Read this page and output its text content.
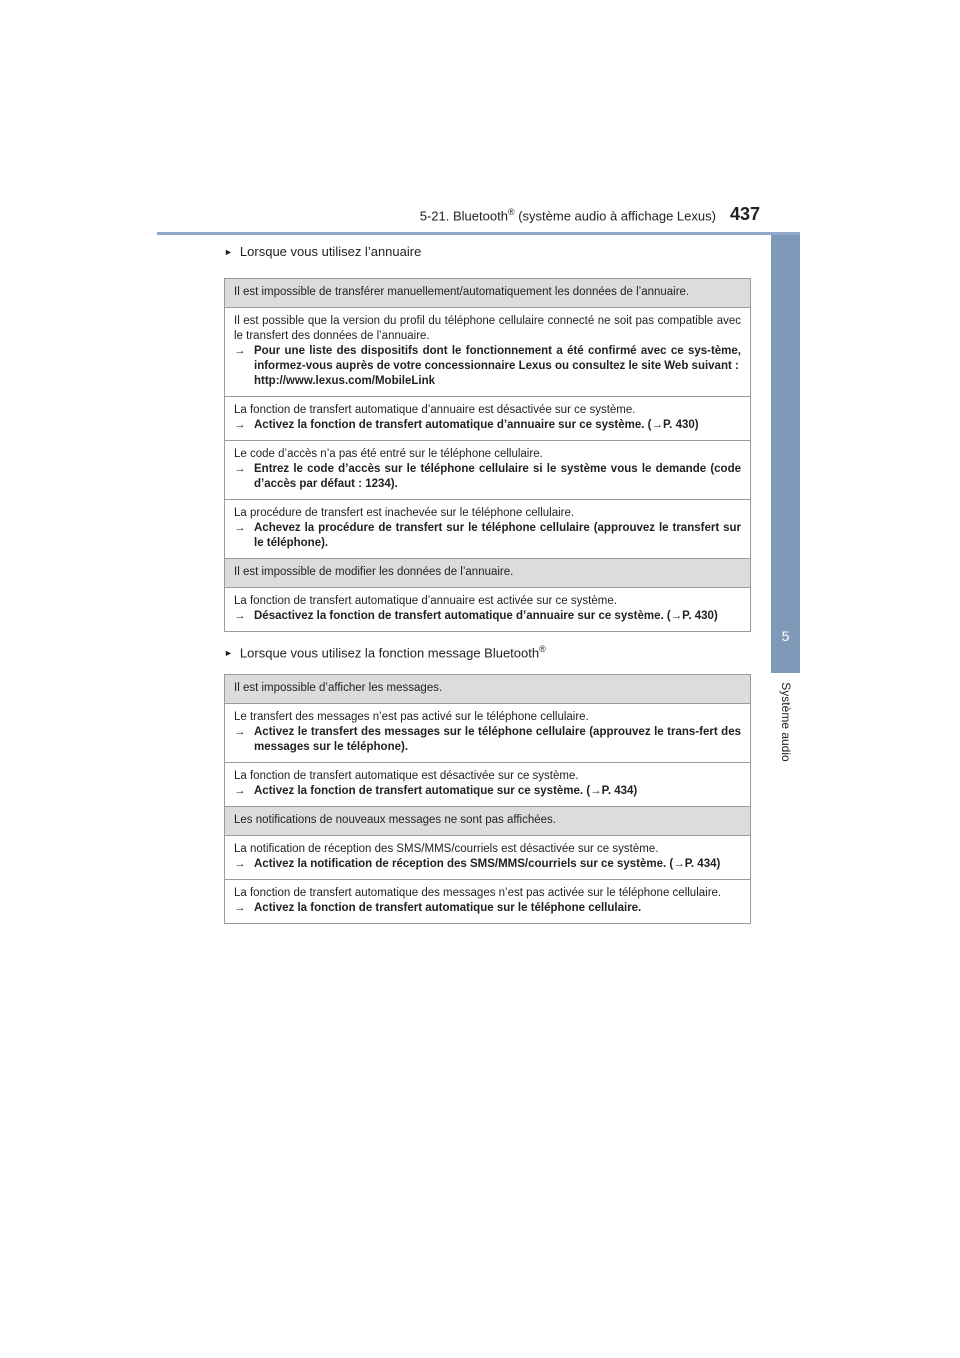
5-21. Bluetooth® (système audio à affichage Lexus) 437
5
Système audio
► Lorsque vous utilisez l’annuaire
Il est impossible de transférer manuellement/automatiquement les données de l’annuaire.

Il est possible que la version du profil du téléphone cellulaire connecté ne soit pas compatible avec le transfert des données de l’annuaire.
→ Pour une liste des dispositifs dont le fonctionnement a été confirmé avec ce sys-tème, informez-vous auprès de votre concessionnaire Lexus ou consultez le site Web suivant :
http://www.lexus.com/MobileLink

La fonction de transfert automatique d’annuaire est désactivée sur ce système.
→ Activez la fonction de transfert automatique d’annuaire sur ce système. (→P. 430)

Le code d’accès n’a pas été entré sur le téléphone cellulaire.
→ Entrez le code d’accès sur le téléphone cellulaire si le système vous le demande (code d’accès par défaut : 1234).

La procédure de transfert est inachevée sur le téléphone cellulaire.
→ Achevez la procédure de transfert sur le téléphone cellulaire (approuvez le transfert sur le téléphone).

Il est impossible de modifier les données de l’annuaire.

La fonction de transfert automatique d’annuaire est activée sur ce système.
→ Désactivez la fonction de transfert automatique d’annuaire sur ce système. (→P. 430)
► Lorsque vous utilisez la fonction message Bluetooth®
Il est impossible d’afficher les messages.

Le transfert des messages n’est pas activé sur le téléphone cellulaire.
→ Activez le transfert des messages sur le téléphone cellulaire (approuvez le trans-fert des messages sur le téléphone).

La fonction de transfert automatique est désactivée sur ce système.
→ Activez la fonction de transfert automatique sur ce système. (→P. 434)

Les notifications de nouveaux messages ne sont pas affichées.

La notification de réception des SMS/MMS/courriels est désactivée sur ce système.
→ Activez la notification de réception des SMS/MMS/courriels sur ce système. (→P. 434)

La fonction de transfert automatique des messages n’est pas activée sur le téléphone cellulaire.
→ Activez la fonction de transfert automatique sur le téléphone cellulaire.
